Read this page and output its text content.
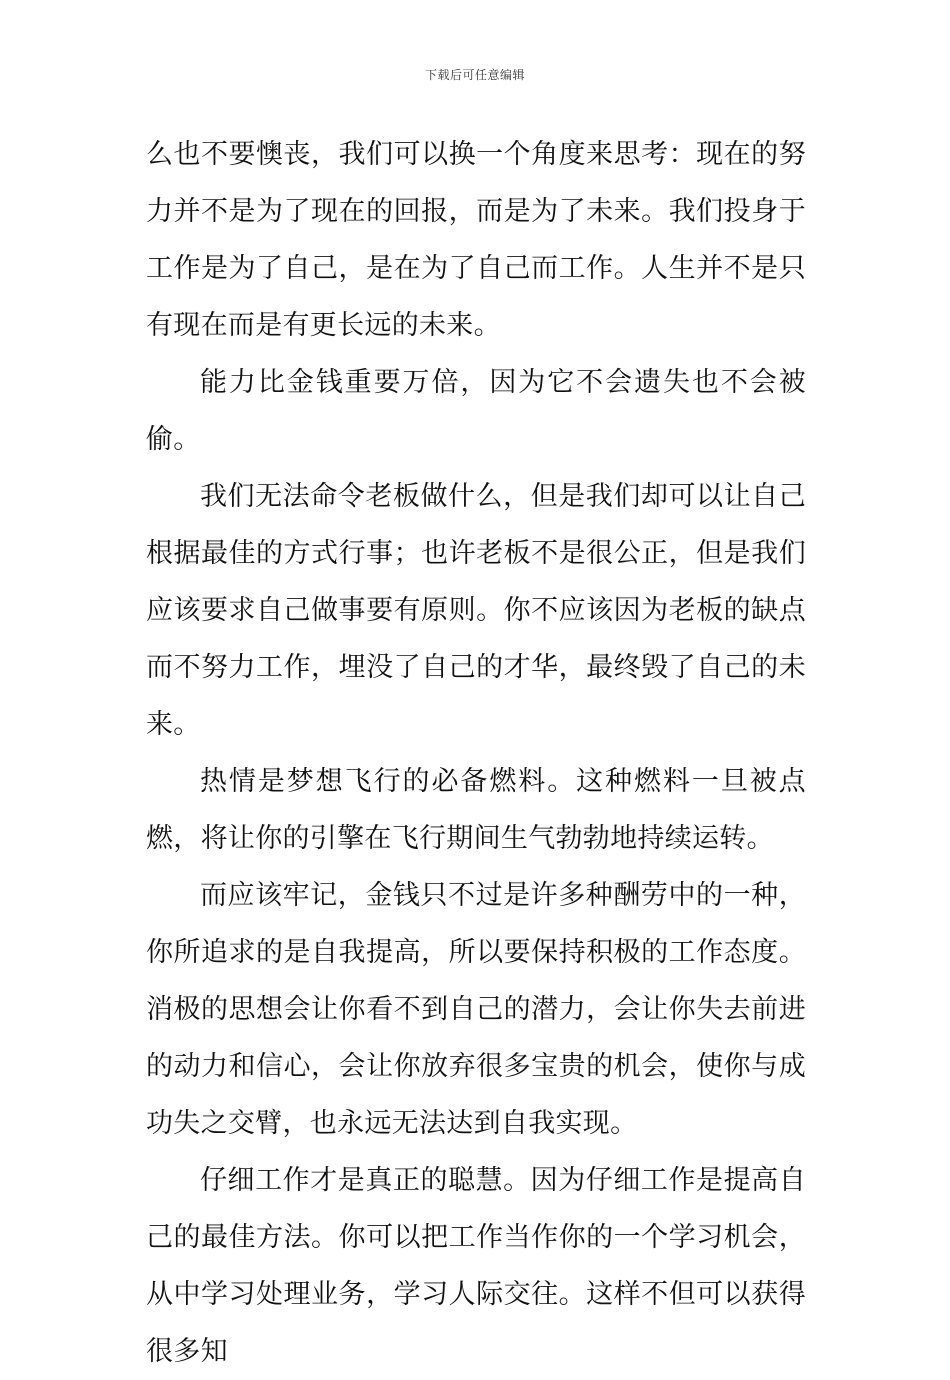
下载后可任意编辑

么也不要懊丧，我们可以换一个角度来思考：现在的努力并不是为了现在的回报，而是为了未来。我们投身于工作是为了自己，是在为了自己而工作。人生并不是只有现在而是有更长远的未来。

能力比金钱重要万倍，因为它不会遗失也不会被偷。

我们无法命令老板做什么，但是我们却可以让自己根据最佳的方式行事；也许老板不是很公正，但是我们应该要求自己做事要有原则。你不应该因为老板的缺点而不努力工作，埋没了自己的才华，最终毁了自己的未来。

热情是梦想飞行的必备燃料。这种燃料一旦被点燃，将让你的引擎在飞行期间生气勃勃地持续运转。

而应该牢记，金钱只不过是许多种酬劳中的一种，你所追求的是自我提高，所以要保持积极的工作态度。消极的思想会让你看不到自己的潜力，会让你失去前进的动力和信心，会让你放弃很多宝贵的机会，使你与成功失之交臂，也永远无法达到自我实现。

仔细工作才是真正的聪慧。因为仔细工作是提高自己的最佳方法。你可以把工作当作你的一个学习机会，从中学习处理业务，学习人际交往。这样不但可以获得很多知
